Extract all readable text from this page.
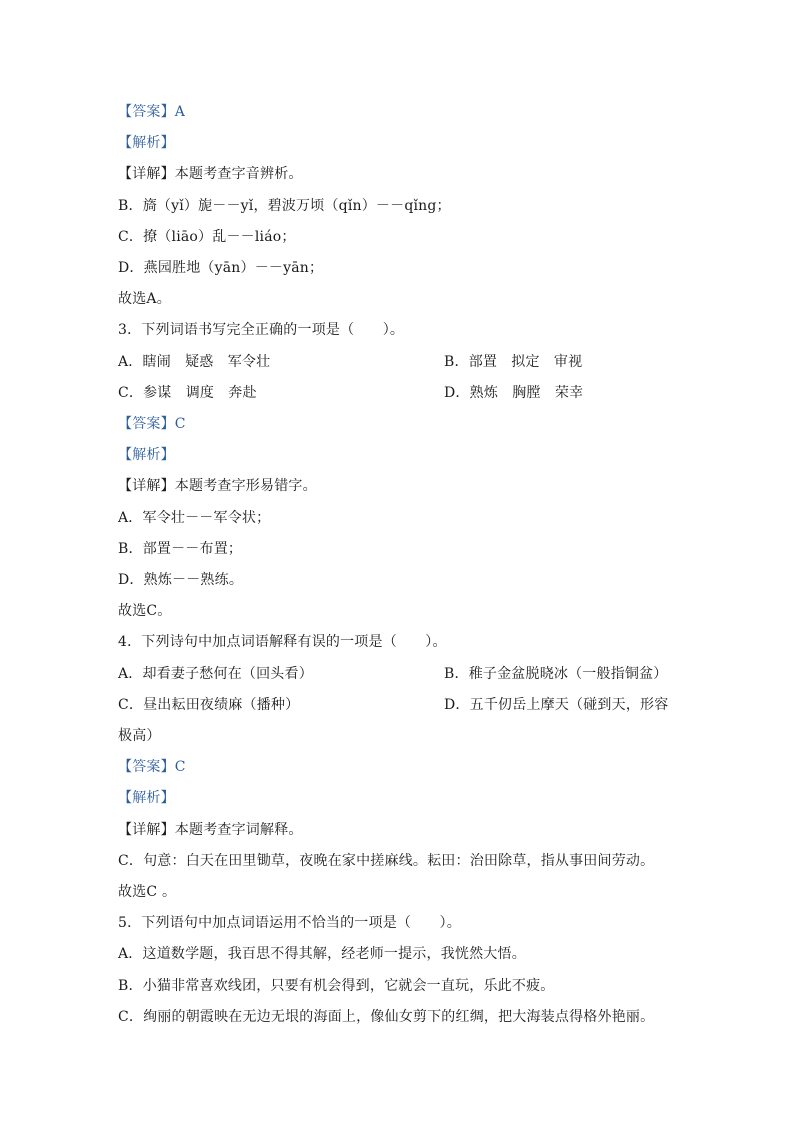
【答案】A
【解析】
【详解】本题考查字音辨析。
B．旖（yǐ）旎－－yǐ，碧波万顷（qǐn）－－qǐng；
C．撩（liāo）乱－－liáo；
D．燕园胜地（yān）－－yān；
故选A。
3．下列词语书写完全正确的一项是（　　）。
A．瞎闹　疑惑　军令壮	B．部置　拟定　审视
C．参谋　调度　奔赴	D．熟炼　胸膛　荣幸
【答案】C
【解析】
【详解】本题考查字形易错字。
A．军令壮－－军令状；
B．部置－－布置；
D．熟炼－－熟练。
故选C。
4．下列诗句中加点词语解释有误的一项是（　　）。
A．却看妻子愁何在（回头看）	B．稚子金盆脱晓冰（一般指铜盆）
C．昼出耘田夜绩麻（播种）	D．五千仞岳上摩天（碰到天，形容
极高）
【答案】C
【解析】
【详解】本题考查字词解释。
C．句意：白天在田里锄草，夜晚在家中搓麻线。耘田：治田除草，指从事田间劳动。
故选C 。
5．下列语句中加点词语运用不恰当的一项是（　　）。
A．这道数学题，我百思不得其解，经老师一提示，我恍然大悟。
B．小猫非常喜欢线团，只要有机会得到，它就会一直玩，乐此不疲。
C．绚丽的朝霞映在无边无垠的海面上，像仙女剪下的红绸，把大海装点得格外艳丽。
